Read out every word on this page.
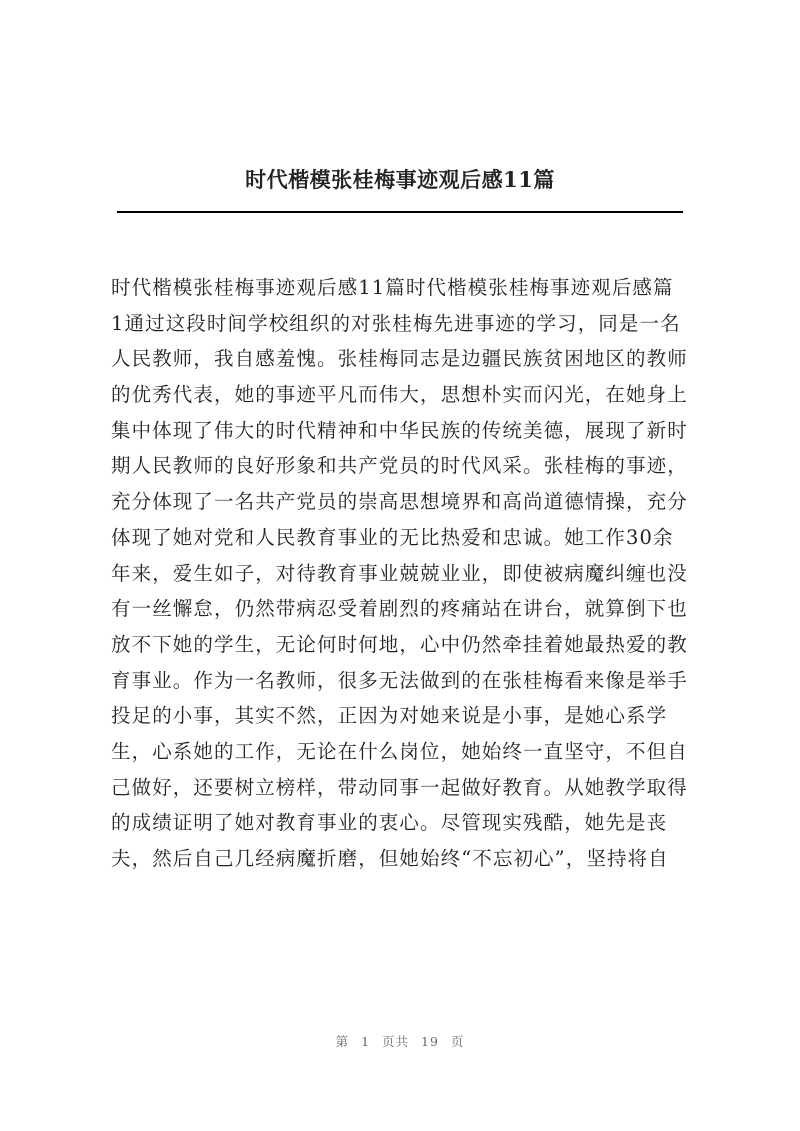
时代楷模张桂梅事迹观后感11篇
时代楷模张桂梅事迹观后感11篇时代楷模张桂梅事迹观后感篇
1通过这段时间学校组织的对张桂梅先进事迹的学习，同是一名
人民教师，我自感羞愧。张桂梅同志是边疆民族贫困地区的教师
的优秀代表，她的事迹平凡而伟大，思想朴实而闪光，在她身上
集中体现了伟大的时代精神和中华民族的传统美德，展现了新时
期人民教师的良好形象和共产党员的时代风采。张桂梅的事迹，
充分体现了一名共产党员的崇高思想境界和高尚道德情操，充分
体现了她对党和人民教育事业的无比热爱和忠诚。她工作30余
年来，爱生如子，对待教育事业兢兢业业，即使被病魔纠缠也没
有一丝懈怠，仍然带病忍受着剧烈的疼痛站在讲台，就算倒下也
放不下她的学生，无论何时何地，心中仍然牵挂着她最热爱的教
育事业。作为一名教师，很多无法做到的在张桂梅看来像是举手
投足的小事，其实不然，正因为对她来说是小事，是她心系学
生，心系她的工作，无论在什么岗位，她始终一直坚守，不但自
己做好，还要树立榜样，带动同事一起做好教育。从她教学取得
的成绩证明了她对教育事业的衷心。尽管现实残酷，她先是丧
夫，然后自己几经病魔折磨，但她始终“不忘初心”，坚持将自
第 1 页共 19 页
